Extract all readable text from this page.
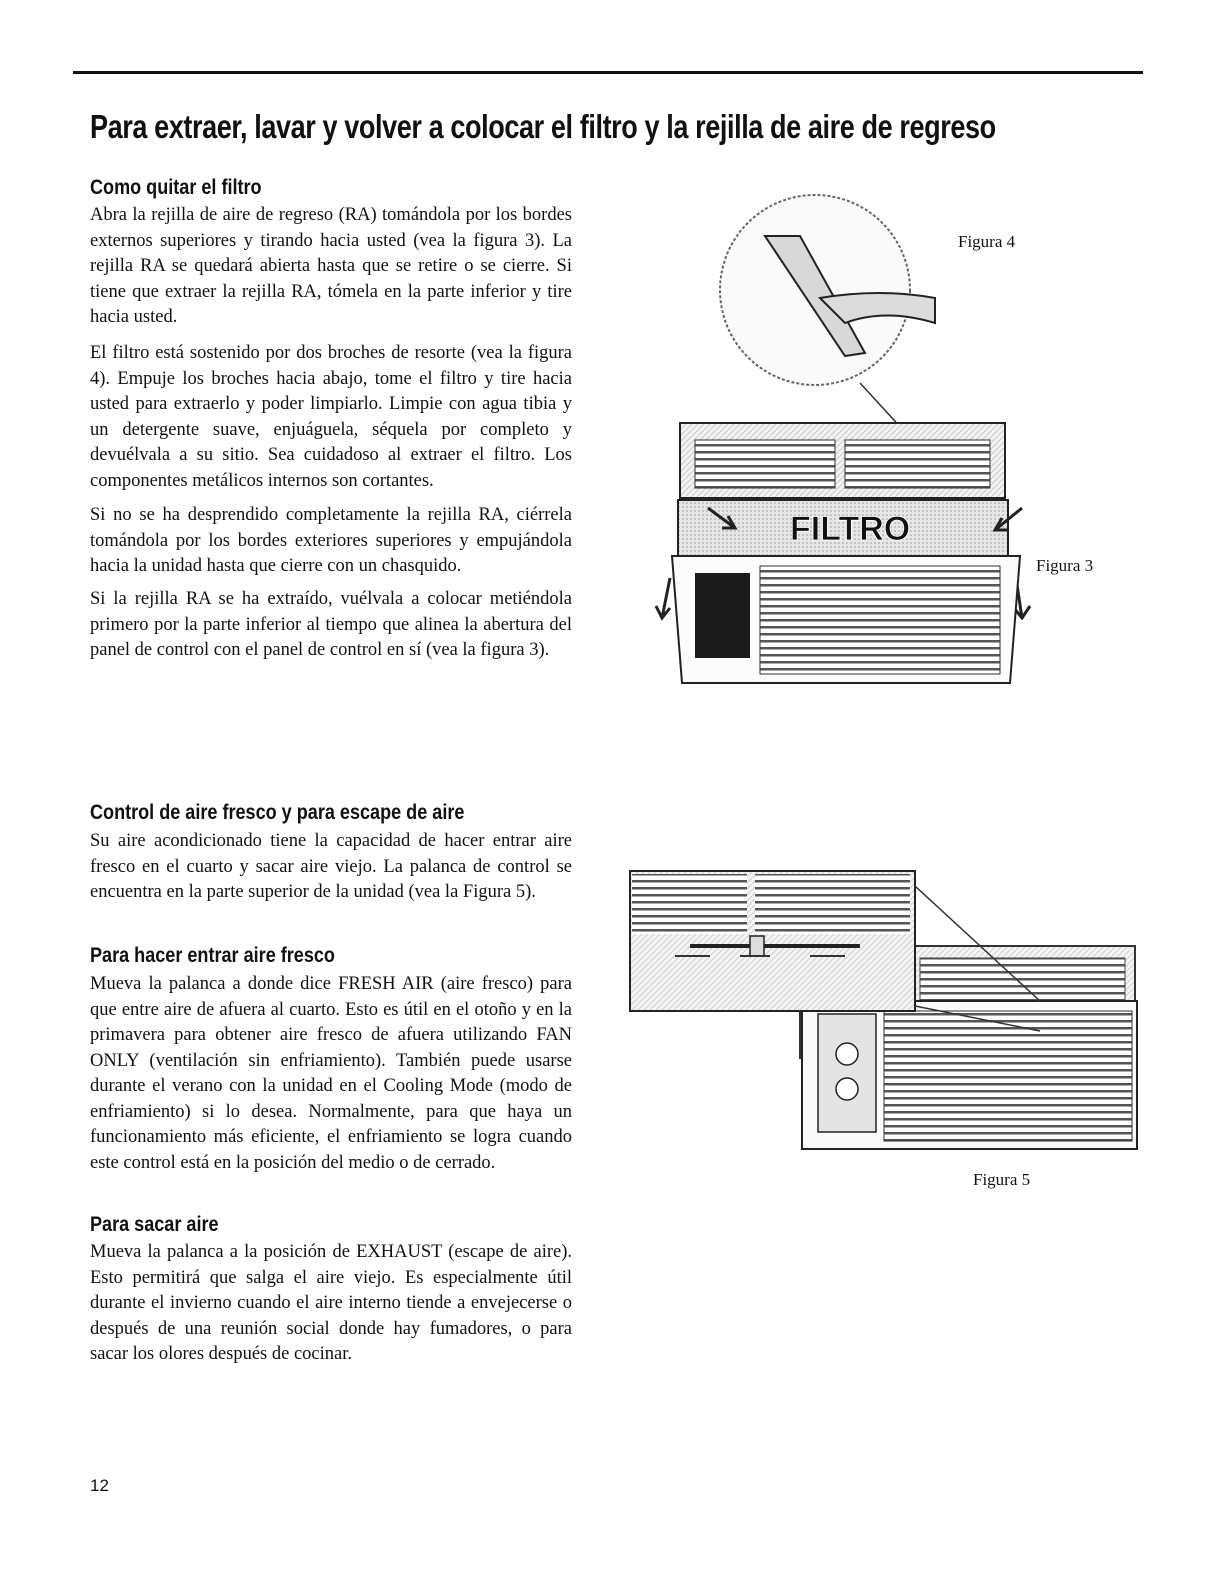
Para extraer, lavar y volver a colocar el filtro y la rejilla de aire de regreso
Como quitar el filtro

Abra la rejilla de aire de regreso (RA) tomándola por los bordes externos superiores y tirando hacia usted (vea la figura 3). La rejilla RA se quedará abierta hasta que se retire o se cierre. Si tiene que extraer la rejilla RA, tómela en la parte inferior y tire hacia usted.

El filtro está sostenido por dos broches de resorte (vea la figura 4). Empuje los broches hacia abajo, tome el filtro y tire hacia usted para extraerlo y poder limpiarlo. Limpie con agua tibia y un detergente suave, enjuáguela, séquela por completo y devuélvala a su sitio. Sea cuidadoso al extraer el filtro. Los componentes metálicos internos son cortantes.

Si no se ha desprendido completamente la rejilla RA, ciérrela tomándola por los bordes exteriores superiores y empujándola hacia la unidad hasta que cierre con un chasquido.

Si la rejilla RA se ha extraído, vuélvala a colocar metiéndola primero por la parte inferior al tiempo que alinea la abertura del panel de control con el panel de control en sí (vea la figura 3).

Control de aire fresco y para escape de aire

Su aire acondicionado tiene la capacidad de hacer entrar aire fresco en el cuarto y sacar aire viejo. La palanca de control se encuentra en la parte superior de la unidad (vea la Figura 5).

Para hacer entrar aire fresco

Mueva la palanca a donde dice FRESH AIR (aire fresco) para que entre aire de afuera al cuarto. Esto es útil en el otoño y en la primavera para obtener aire fresco de afuera utilizando FAN ONLY (ventilación sin enfriamiento). También puede usarse durante el verano con la unidad en el Cooling Mode (modo de enfriamiento) si lo desea. Normalmente, para que haya un funcionamiento más eficiente, el enfriamiento se logra cuando este control está en la posición del medio o de cerrado.

Para sacar aire

Mueva la palanca a la posición de EXHAUST (escape de aire). Esto permitirá que salga el aire viejo. Es especialmente útil durante el invierno cuando el aire interno tiende a envejecerse o después de una reunión social donde hay fumadores, o para sacar los olores después de cocinar.

FILTRO
Figura 4
Figura 3
Figura 5
12
